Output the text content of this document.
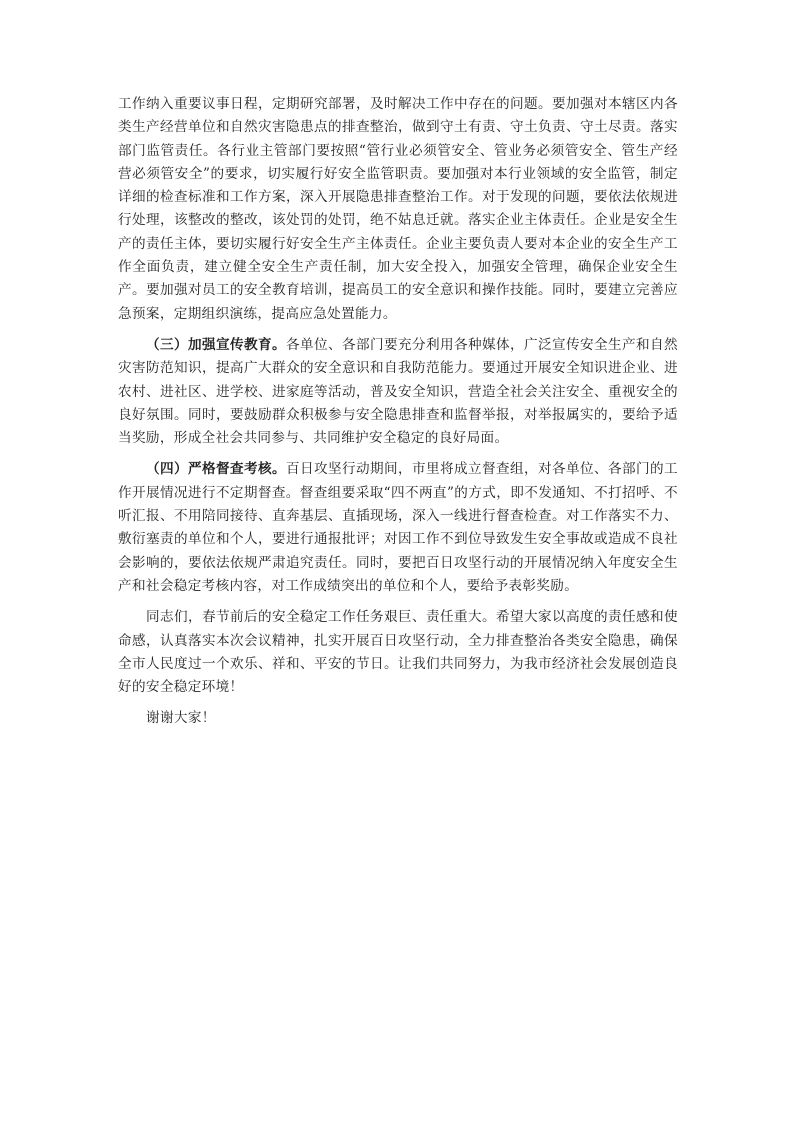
工作纳入重要议事日程，定期研究部署，及时解决工作中存在的问题。要加强对本辖区内各类生产经营单位和自然灾害隐患点的排查整治，做到守土有责、守土负责、守土尽责。落实部门监管责任。各行业主管部门要按照“管行业必须管安全、管业务必须管安全、管生产经营必须管安全”的要求，切实履行好安全监管职责。要加强对本行业领域的安全监管，制定详细的检查标准和工作方案，深入开展隐患排查整治工作。对于发现的问题，要依法依规进行处理，该整改的整改，该处罚的处罚，绝不姑息迁就。落实企业主体责任。企业是安全生产的责任主体，要切实履行好安全生产主体责任。企业主要负责人要对本企业的安全生产工作全面负责，建立健全安全生产责任制，加大安全投入，加强安全管理，确保企业安全生产。要加强对员工的安全教育培训，提高员工的安全意识和操作技能。同时，要建立完善应急预案，定期组织演练，提高应急处置能力。

（三）加强宣传教育。各单位、各部门要充分利用各种媒体，广泛宣传安全生产和自然灾害防范知识，提高广大群众的安全意识和自我防范能力。要通过开展安全知识进企业、进农村、进社区、进学校、进家庭等活动，普及安全知识，营造全社会关注安全、重视安全的良好氛围。同时，要鼓励群众积极参与安全隐患排查和监督举报，对举报属实的，要给予适当奖励，形成全社会共同参与、共同维护安全稳定的良好局面。

（四）严格督查考核。百日攻坚行动期间，市里将成立督查组，对各单位、各部门的工作开展情况进行不定期督查。督查组要采取“四不两直”的方式，即不发通知、不打招呼、不听汇报、不用陪同接待、直奔基层、直插现场，深入一线进行督查检查。对工作落实不力、敷衍塞责的单位和个人，要进行通报批评；对因工作不到位导致发生安全事故或造成不良社会影响的，要依法依规严肃追究责任。同时，要把百日攻坚行动的开展情况纳入年度安全生产和社会稳定考核内容，对工作成绩突出的单位和个人，要给予表彰奖励。

同志们，春节前后的安全稳定工作任务艰巨、责任重大。希望大家以高度的责任感和使命感，认真落实本次会议精神，扎实开展百日攻坚行动，全力排查整治各类安全隐患，确保全市人民度过一个欢乐、祥和、平安的节日。让我们共同努力，为我市经济社会发展创造良好的安全稳定环境！

谢谢大家！
